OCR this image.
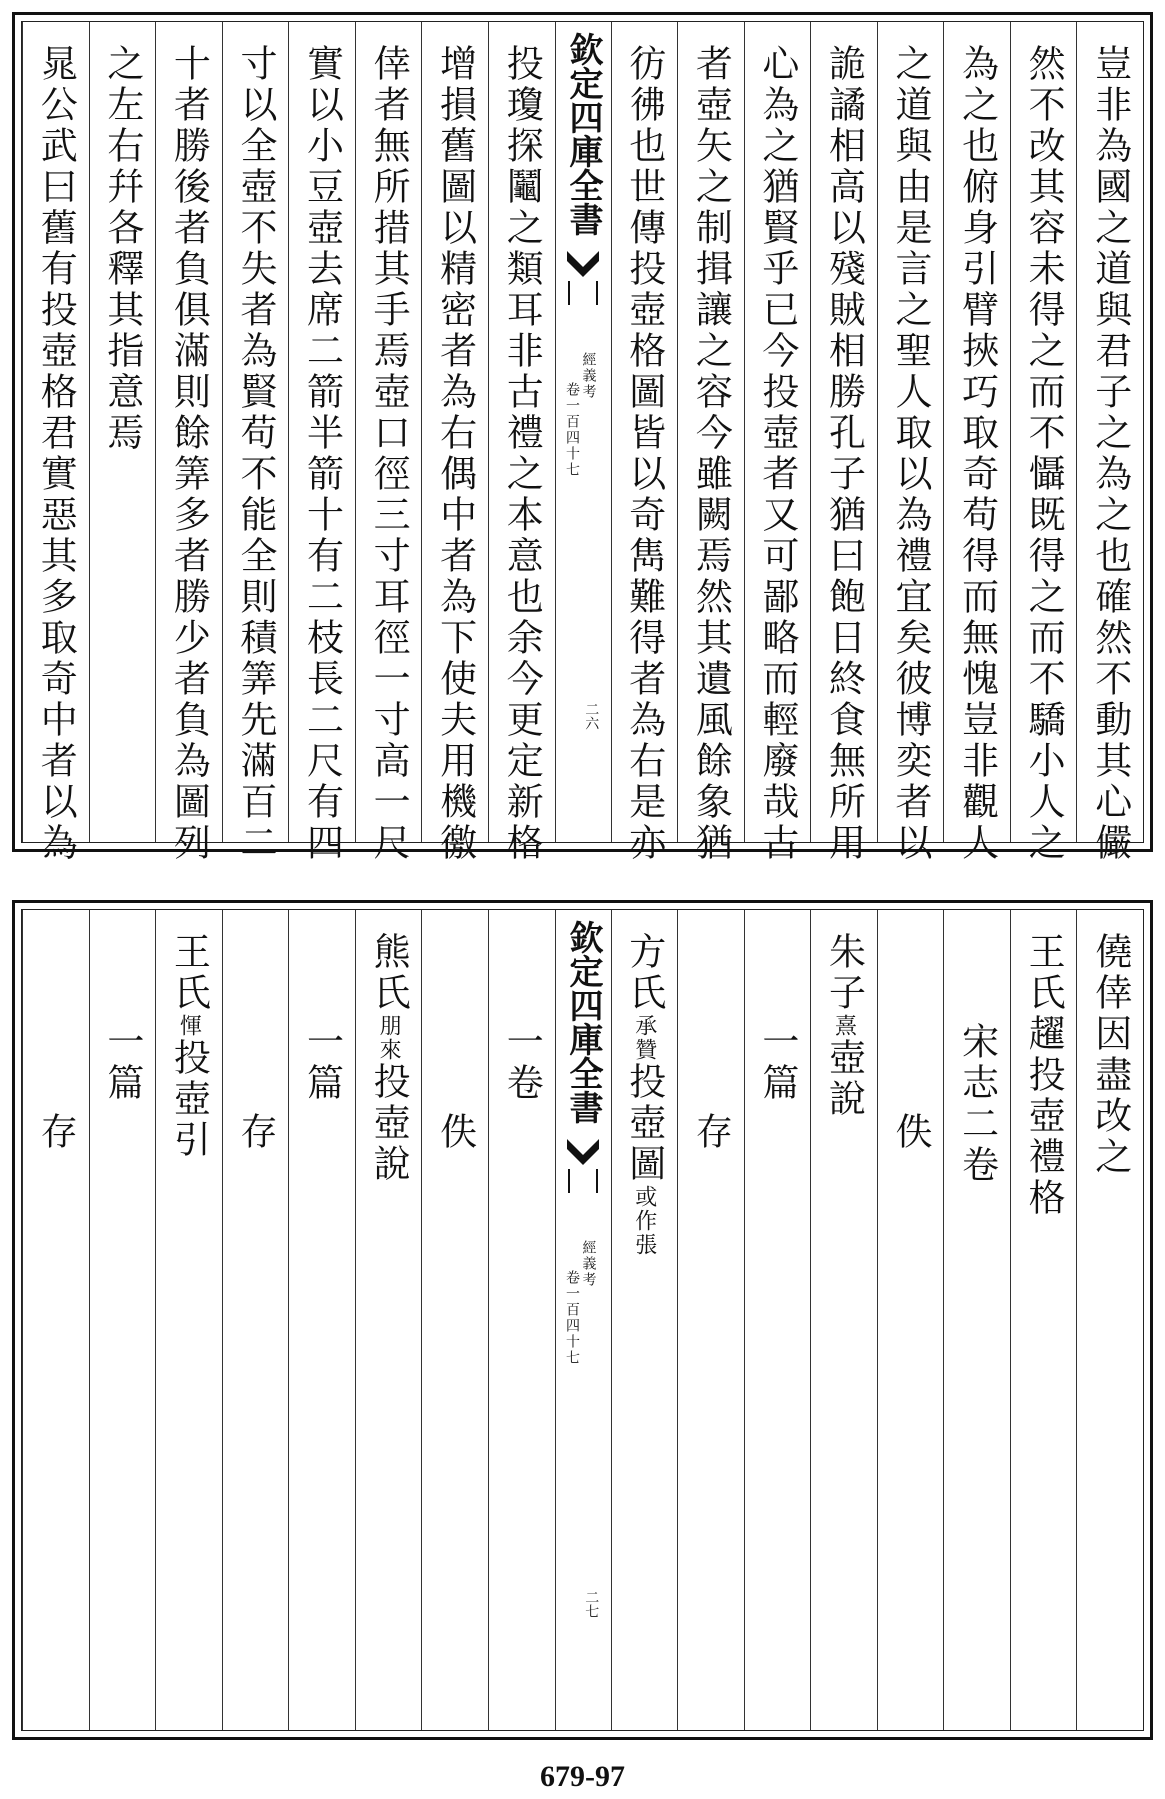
豈非為國之道與君子之為之也確然不動其心儼
然不改其容未得之而不懾既得之而不驕小人之
為之也俯身引臂挾巧取奇苟得而無愧豈非觀人
之道與由是言之聖人取以為禮宜矣彼博奕者以
詭譎相高以殘賊相勝孔子猶曰飽日終食無所用
心為之猶賢乎已今投壺者又可鄙略而輕廢哉古
者壺矢之制揖讓之容今雖闕焉然其遺風餘象猶
彷彿也世傳投壺格圖皆以奇雋難得者為右是亦
欽定四庫全書
經義考
卷一百四十七
二六
投瓊探鬮之類耳非古禮之本意也余今更定新格
增損舊圖以精密者為右偶中者為下使夫用機徼
倖者無所措其手焉壺口徑三寸耳徑一寸高一尺
實以小豆壺去席二箭半箭十有二枝長二尺有四
寸以全壺不失者為賢苟不能全則積筭先滿百二
十者勝後者負俱滿則餘筭多者勝少者負為圖列
之左右幷各釋其指意焉
晁公武曰舊有投壺格君實惡其多取奇中者以為
僥倖因盡改之
王氏趯投壺禮格
宋志二卷
佚
朱子熹壺說
一篇
存
方氏承贊投壺圖或作張
欽定四庫全書
經義考
卷一百四十七
二七
一卷
佚
熊氏朋來投壺說
一篇
存
王氏惲投壺引
一篇
存
679-97
